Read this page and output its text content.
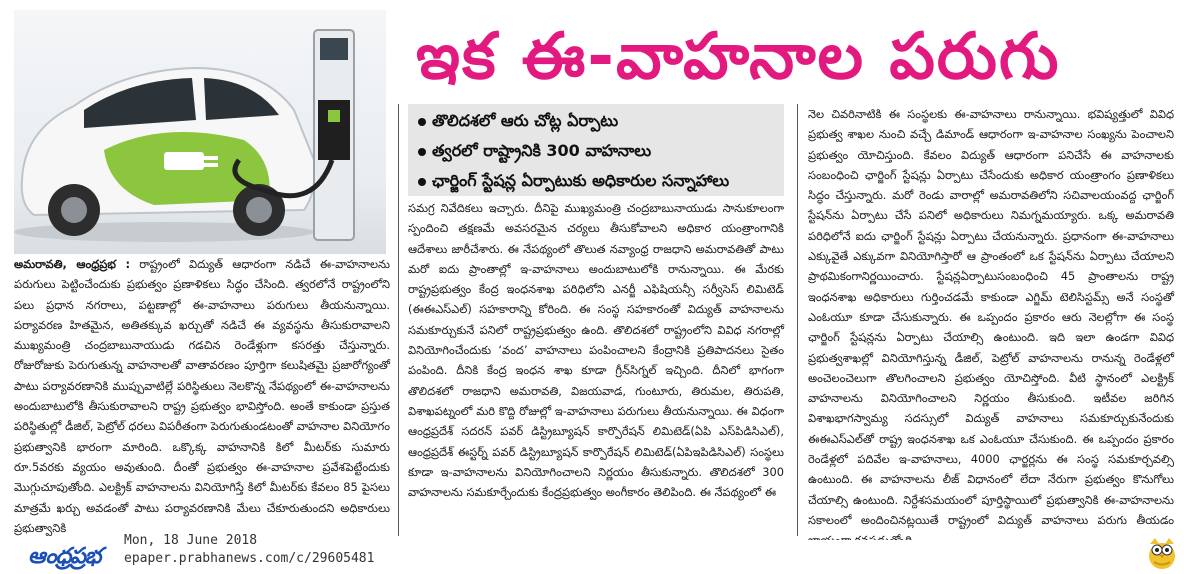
ఇక ఈ-వాహనాల పరుగు
తొలిదశలో ఆరు చోట్ల ఏర్పాటు
త్వరలో రాష్ట్రానికి 300 వాహనాలు
ఛార్జింగ్ స్టేషన్ల ఏర్పాటుకు అధికారుల సన్నాహాలు

అమరావతి, ఆంధ్రప్రభ : రాష్ట్రంలో విద్యుత్ ఆధారంగా నడిచే ఈ-వాహనాలను పరుగులు పెట్టించేందుకు ప్రభుత్వం ప్రణాళికలు సిద్ధం చేసింది. త్వరలోనే రాష్ట్రంలోని పలు ప్రధాన నగరాలు, పట్టణాల్లో ఈ-వాహనాలు పరుగులు తీయనున్నాయి. పర్యావరణ హితమైన, అతితక్కువ ఖర్చుతో నడిచే ఈ వ్యవస్థను తీసుకురావాలని ముఖ్యమంత్రి చంద్రబాబునాయుడు గడచిన రెండేళ్లుగా కసరత్తు చేస్తున్నారు. రోజురోజుకు పెరుగుతున్న వాహనాలతో వాతావరణం పూర్తిగా కలుషితమై ప్రజారోగ్యంతో పాటు పర్యావరణానికి ముప్పువాటిల్లే పరిస్థితులు నెలకొన్న నేపథ్యంలో ఈ-వాహనాలను అందుబాటులోకి తీసుకురావాలని రాష్ట్ర ప్రభుత్వం భావిస్తోంది. అంతే కాకుండా ప్రస్తుత పరిస్థితుల్లో డీజిల్, పెట్రోల్ ధరలు విపరీతంగా పెరుగుతుండటంతో వాహనాల వినియోగం ప్రభుత్వానికి భారంగా మారింది. ఒక్కొక్క వాహనానికి కిలో మీటర్‌కు సుమారు రూ.5వరకు వ్యయం అవుతుంది. దీంతో ప్రభుత్వం ఈ-వాహనాల ప్రవేశపెట్టేందుకు మొగ్గుచూపుతోంది. ఎలక్ట్రిక్ వాహనాలను వినియోగిస్తే కిలో మీటర్‌కు కేవలం 85 పైసలు మాత్రమే ఖర్చు అవడంతో పాటు పర్యావరణానికి మేలు చేకూరుతుందని అధికారులు ప్రభుత్వానికి

సమగ్ర నివేదికలు ఇచ్చారు. దీనిపై ముఖ్యమంత్రి చంద్రబాబునాయుడు సానుకూలంగా స్పందించి తక్షణమే అవసరమైన చర్యలు తీసుకోవాలని అధికార యంత్రాంగానికి ఆదేశాలు జారీచేశారు. ఈ నేపథ్యంలో తొలుత నవ్యాంధ్ర రాజధాని అమరావతితో పాటు మరో ఐదు ప్రాంతాల్లో ఇ-వాహనాలు అందుబాటులోకి రానున్నాయి. ఈ మేరకు రాష్ట్రప్రభుత్వం కేంద్ర ఇంధనశాఖ పరిధిలోని ఎనర్జీ ఎఫిషియన్సీ సర్వీసెస్ లిమిటెడ్ (ఈఈఎస్ఎల్) సహకారాన్ని కోరింది. ఈ సంస్థ సహకారంతో విద్యుత్ వాహనాలను సమకూర్చుకునే పనిలో రాష్ట్రప్రభుత్వం ఉంది. తొలిదశలో రాష్ట్రంలోని వివిధ నగరాల్లో వినియోగించేందుకు ‘వంద’ వాహనాలు పంపించాలని కేంద్రానికి ప్రతిపాదనలు సైతం పంపింది. దీనికి కేంద్ర ఇంధన శాఖ కూడా గ్రీన్‌సిగ్నల్ ఇచ్చింది. దీనిలో భాగంగా తొలిదశలో రాజధాని అమరావతి, విజయవాడ, గుంటూరు, తిరుమల, తిరుపతి, విశాఖపట్నంలో మరి కొద్ది రోజుల్లో ఇ-వాహనాలు పరుగులు తీయనున్నాయి. ఈ విధంగా ఆంధ్రప్రదేశ్ సదరన్ పవర్ డిస్ట్రిబ్యూషన్ కార్పొరేషన్ లిమిటెడ్(ఏపి ఎస్‌పిడిసిఎల్), ఆంధ్రప్రదేశ్ ఈస్టర్న్ పవర్ డిస్ట్రిబ్యూషన్ కార్పొరేషన్ లిమిటెడ్(ఏపిఇపిడిసిఎల్) సంస్థలు కూడా ఇ-వాహనాలను వినియోగించాలని నిర్ణయం తీసుకున్నారు. తొలిదశలో 300 వాహనాలను సమకూర్చేందుకు కేంద్రప్రభుత్వం అంగీకారం తెలిపింది. ఈ నేపథ్యంలో ఈ

నెల చివరినాటికి ఈ సంస్థలకు ఈ-వాహనాలు రానున్నాయి. భవిష్యత్తులో వివిధ ప్రభుత్వ శాఖల నుంచి వచ్చే డిమాండ్ ఆధారంగా ఇ-వాహనాల సంఖ్యను పెంచాలని ప్రభుత్వం యోచిస్తుంది. కేవలం విద్యుత్ ఆధారంగా పనిచేసే ఈ వాహనాలకు సంబంధించి ఛార్జింగ్ స్టేషన్లు ఏర్పాటు చేసేందుకు అధికార యంత్రాంగం ప్రణాళికలు సిద్ధం చేస్తున్నారు. మరో రెండు వారాల్లో అమరావతిలోని సచివాలయంవద్ద ఛార్జింగ్ స్టేషన్‌ను ఏర్పాటు చేసే పనిలో అధికారులు నిమగ్నమయ్యారు. ఒక్క అమరావతి పరిధిలోనే ఐదు ఛార్జింగ్ స్టేషన్లు ఏర్పాటు చేయనున్నారు. ప్రధానంగా ఈ-వాహనాలు ఎక్కువైతే ఎక్కువగా వినియోగిస్తారో ఆ ప్రాంతంలో ఒక స్టేషన్‌ను ఏర్పాటు చేయాలని ప్రాథమికంగానిర్ణయించారు. స్టేషన్లఏర్పాటుసంబంధించి 45 ప్రాంతాలను రాష్ట్ర ఇంధనశాఖ అధికారులు గుర్తించడమే కాకుండా ఎగ్జిమ్ టెలిసిస్టమ్స్ అనే సంస్థతో ఎంఓయూ కూడా చేసుకున్నారు. ఈ ఒప్పందం ప్రకారం ఆరు నెలల్లోగా ఈ సంస్థ ఛార్జింగ్ స్టేషన్లను ఏర్పాటు చేయాల్సి ఉంటుంది. ఇది ఇలా ఉండగా వివిధ ప్రభుత్వశాఖల్లో వినియోగిస్తున్న డీజిల్, పెట్రోల్ వాహనాలను రానున్న రెండేళ్లలో అంచెలంచెలుగా తొలగించాలని ప్రభుత్వం యోచిస్తోంది. వీటి స్థానంలో ఎలక్ట్రిక్ వాహనాలను వినియోగించాలని నిర్ణయం తీసుకుంది. ఇటీవల జరిగిన విశాఖభాగస్వామ్య సదస్సులో విద్యుత్ వాహనాలు సమకూర్చుకునేందుకు ఈఈఎస్ఎల్‌తో రాష్ట్ర ఇంధనశాఖ ఒక ఎంఓయూ చేసుకుంది. ఈ ఒప్పందం ప్రకారం రెండేళ్లలో పదివేల ఇ-వాహనాలు, 4000 ఛార్జర్లను ఈ సంస్థ సమకూర్చవల్సి ఉంటుంది. ఈ వాహనాలను లీజ్ విధానంలో లేదా నేరుగా ప్రభుత్వం కొనుగోలు చేయాల్సి ఉంటుంది. నిర్దేశసమయంలో పూర్తిస్థాయిలో ప్రభుత్వానికి ఈ-వాహనాలను సకాలంలో అందించినట్లయితే రాష్ట్రంలో విద్యుత్ వాహనాలు పరుగు తీయడం

ఆంధ్రప్రభ
Mon, 18 June 2018
epaper.prabhanews.com/c/29605481
